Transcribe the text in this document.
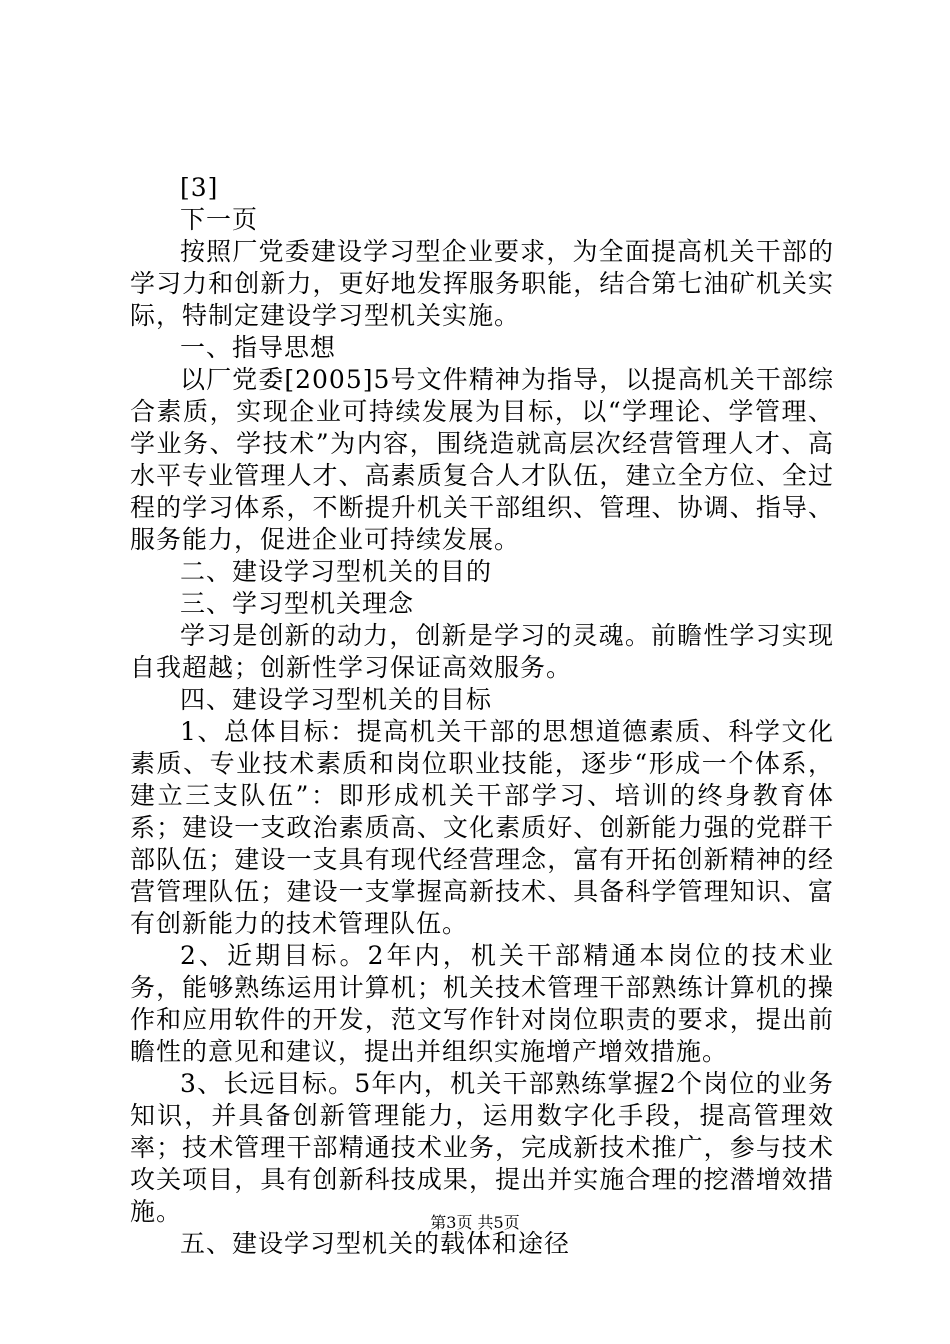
[3]

下一页

按照厂党委建设学习型企业要求，为全面提高机关干部的学习力和创新力，更好地发挥服务职能，结合第七油矿机关实际，特制定建设学习型机关实施。

一、指导思想

以厂党委[2005]5号文件精神为指导，以提高机关干部综合素质，实现企业可持续发展为目标，以“学理论、学管理、学业务、学技术”为内容，围绕造就高层次经营管理人才、高水平专业管理人才、高素质复合人才队伍，建立全方位、全过程的学习体系，不断提升机关干部组织、管理、协调、指导、服务能力，促进企业可持续发展。

二、建设学习型机关的目的

三、学习型机关理念

学习是创新的动力，创新是学习的灵魂。前瞻性学习实现自我超越；创新性学习保证高效服务。

四、建设学习型机关的目标

1、总体目标：提高机关干部的思想道德素质、科学文化素质、专业技术素质和岗位职业技能，逐步“形成一个体系，建立三支队伍”：即形成机关干部学习、培训的终身教育体系；建设一支政治素质高、文化素质好、创新能力强的党群干部队伍；建设一支具有现代经营理念，富有开拓创新精神的经营管理队伍；建设一支掌握高新技术、具备科学管理知识、富有创新能力的技术管理队伍。

2、近期目标。2年内，机关干部精通本岗位的技术业务，能够熟练运用计算机；机关技术管理干部熟练计算机的操作和应用软件的开发，范文写作针对岗位职责的要求，提出前瞻性的意见和建议，提出并组织实施增产增效措施。

3、长远目标。5年内，机关干部熟练掌握2个岗位的业务知识，并具备创新管理能力，运用数字化手段，提高管理效率；技术管理干部精通技术业务，完成新技术推广，参与技术攻关项目，具有创新科技成果，提出并实施合理的挖潜增效措施。

五、建设学习型机关的载体和途径

第3页 共5页
